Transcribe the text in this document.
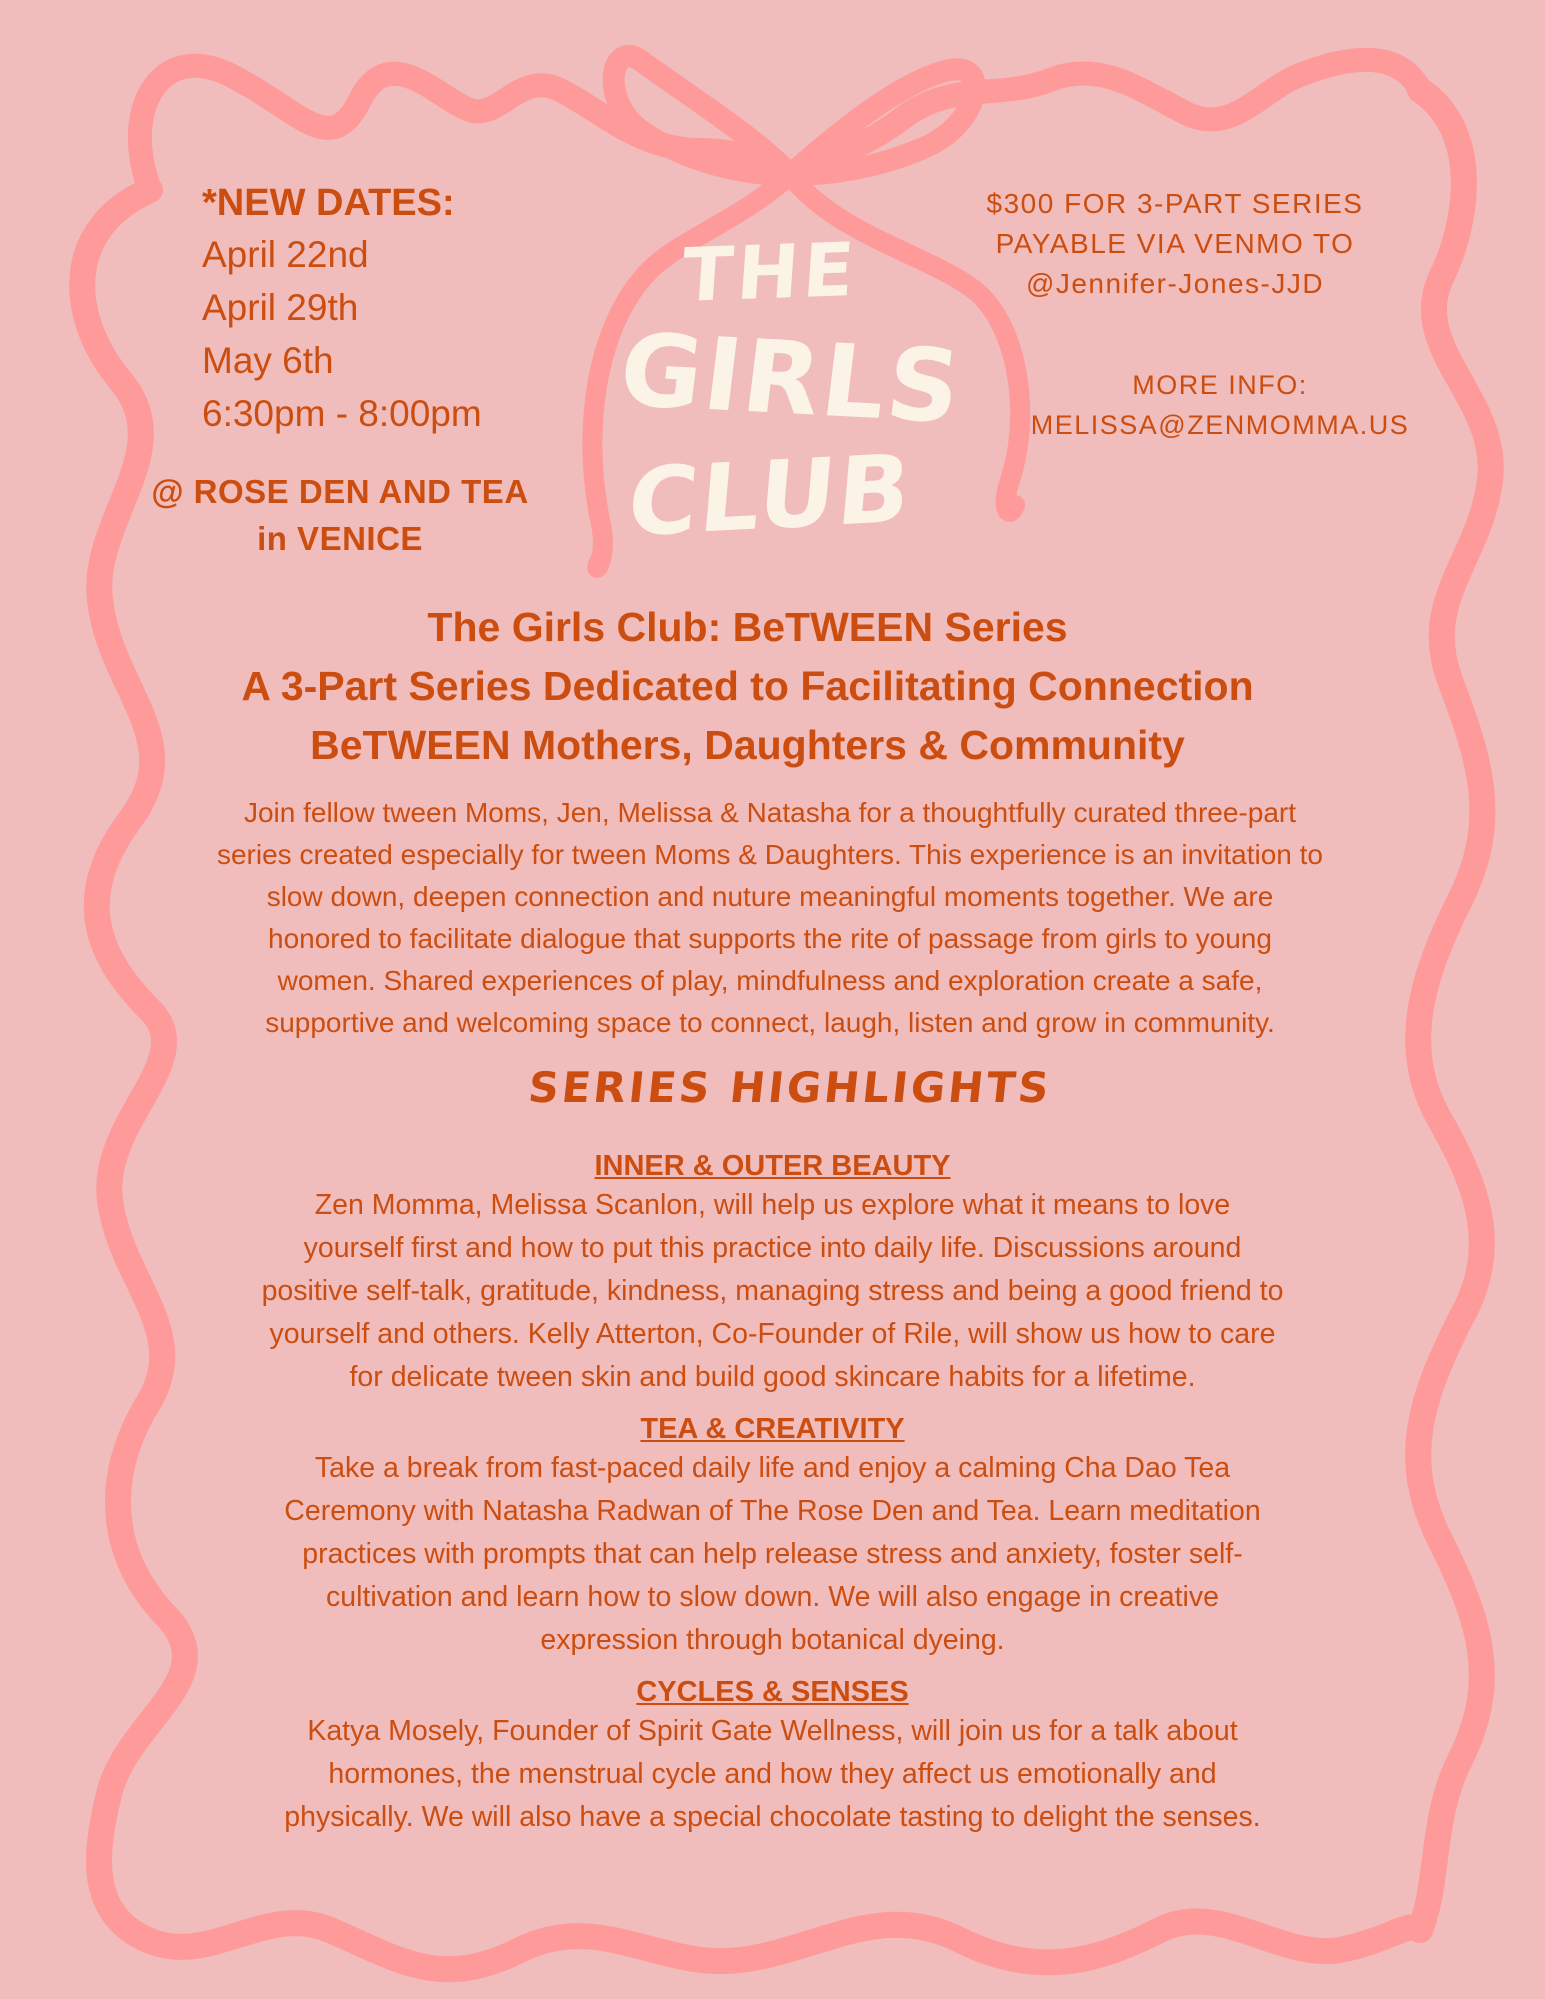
*NEW DATES:
April 22nd
April 29th
May 6th
6:30pm - 8:00pm
@ ROSE DEN AND TEA
in VENICE
THE
GIRLS
CLUB
$300 FOR 3-PART SERIES
PAYABLE VIA VENMO TO
@Jennifer-Jones-JJD
MORE INFO:
MELISSA@ZENMOMMA.US
The Girls Club: BeTWEEN Series
A 3-Part Series Dedicated to Facilitating Connection
BeTWEEN Mothers, Daughters & Community
Join fellow tween Moms, Jen, Melissa & Natasha for a thoughtfully curated three-part
series created especially for tween Moms & Daughters. This experience is an invitation to
slow down, deepen connection and nuture meaningful moments together. We are
honored to facilitate dialogue that supports the rite of passage from girls to young
women. Shared experiences of play, mindfulness and exploration create a safe,
supportive and welcoming space to connect, laugh, listen and grow in community.
SERIES HIGHLIGHTS
INNER & OUTER BEAUTY
Zen Momma, Melissa Scanlon, will help us explore what it means to love
yourself first and how to put this practice into daily life. Discussions around
positive self-talk, gratitude, kindness, managing stress and being a good friend to
yourself and others. Kelly Atterton, Co-Founder of Rile, will show us how to care
for delicate tween skin and build good skincare habits for a lifetime.
TEA & CREATIVITY
Take a break from fast-paced daily life and enjoy a calming Cha Dao Tea
Ceremony with Natasha Radwan of The Rose Den and Tea. Learn meditation
practices with prompts that can help release stress and anxiety, foster self-
cultivation and learn how to slow down. We will also engage in creative
expression through botanical dyeing.
CYCLES & SENSES
Katya Mosely, Founder of Spirit Gate Wellness, will join us for a talk about
hormones, the menstrual cycle and how they affect us emotionally and
physically. We will also have a special chocolate tasting to delight the senses.
